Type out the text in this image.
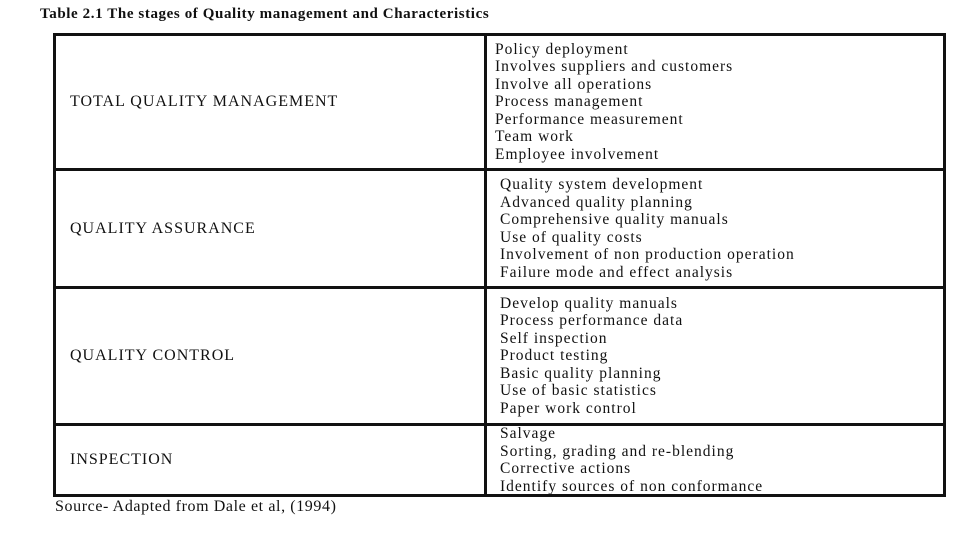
Table 2.1 The stages of Quality management and Characteristics
TOTAL QUALITY MANAGEMENT
Policy deployment
Involves suppliers and customers
Involve all operations
Process management
Performance measurement
Team work
Employee involvement
QUALITY ASSURANCE
Quality system development
Advanced quality planning
Comprehensive quality manuals
Use of quality costs
Involvement of non production operation
Failure mode and effect analysis
QUALITY CONTROL
Develop quality manuals
Process performance data
Self inspection
Product testing
Basic quality planning
Use of basic statistics
Paper work control
INSPECTION
Salvage
Sorting, grading and re-blending
Corrective actions
Identify sources of non conformance
Source- Adapted from Dale et al, (1994)
